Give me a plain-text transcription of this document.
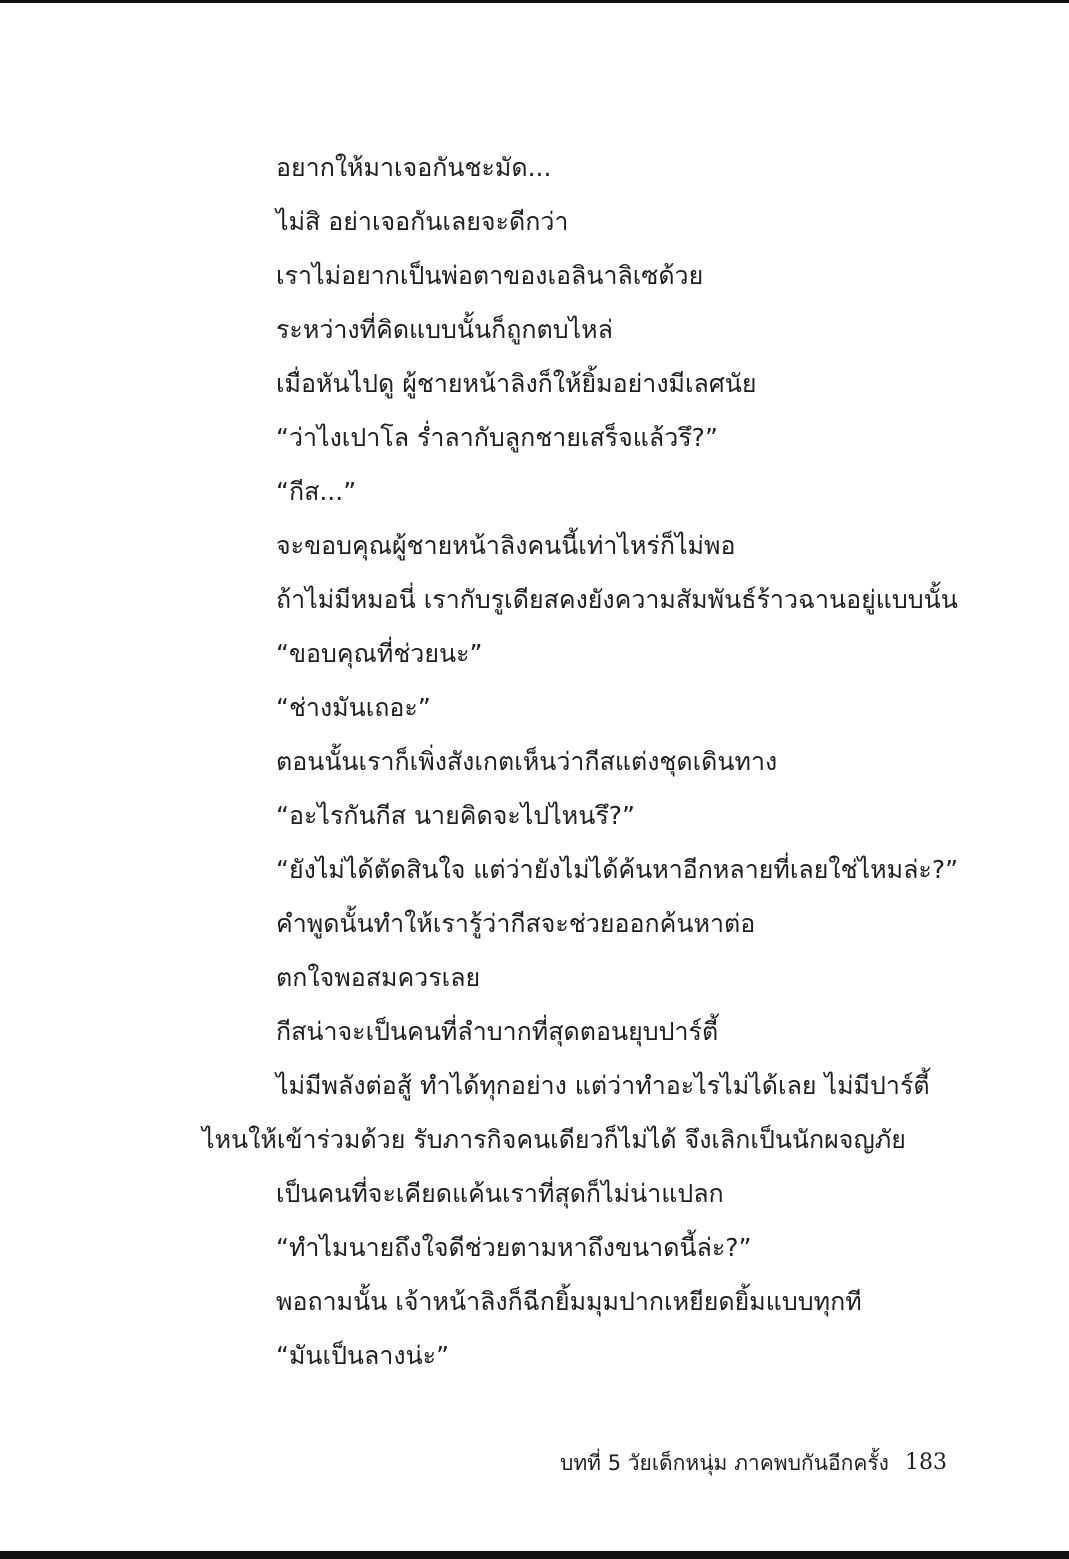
อยากให้มาเจอกันชะมัด...
ไม่สิ อย่าเจอกันเลยจะดีกว่า
เราไม่อยากเป็นพ่อตาของเอลินาลิเซด้วย
ระหว่างที่คิดแบบนั้นก็ถูกตบไหล่
เมื่อหันไปดู ผู้ชายหน้าลิงก็ให้ยิ้มอย่างมีเลศนัย
“ว่าไงเปาโล ร่ำลากับลูกชายเสร็จแล้วรึ?”
“กีส...”
จะขอบคุณผู้ชายหน้าลิงคนนี้เท่าไหร่ก็ไม่พอ
ถ้าไม่มีหมอนี่ เรากับรูเดียสคงยังความสัมพันธ์ร้าวฉานอยู่แบบนั้น
“ขอบคุณที่ช่วยนะ”
“ช่างมันเถอะ”
ตอนนั้นเราก็เพิ่งสังเกตเห็นว่ากีสแต่งชุดเดินทาง
“อะไรกันกีส นายคิดจะไปไหนรึ?”
“ยังไม่ได้ตัดสินใจ แต่ว่ายังไม่ได้ค้นหาอีกหลายที่เลยใช่ไหมล่ะ?”
คำพูดนั้นทำให้เรารู้ว่ากีสจะช่วยออกค้นหาต่อ
ตกใจพอสมควรเลย
กีสน่าจะเป็นคนที่ลำบากที่สุดตอนยุบปาร์ตี้
ไม่มีพลังต่อสู้ ทำได้ทุกอย่าง แต่ว่าทำอะไรไม่ได้เลย ไม่มีปาร์ตี้
ไหนให้เข้าร่วมด้วย รับภารกิจคนเดียวก็ไม่ได้ จึงเลิกเป็นนักผจญภัย
เป็นคนที่จะเคียดแค้นเราที่สุดก็ไม่น่าแปลก
“ทำไมนายถึงใจดีช่วยตามหาถึงขนาดนี้ล่ะ?”
พอถามนั้น เจ้าหน้าลิงก็ฉีกยิ้มมุมปากเหยียดยิ้มแบบทุกที
“มันเป็นลางน่ะ”
บทที่ 5 วัยเด็กหนุ่ม ภาคพบกันอีกครั้ง 183
